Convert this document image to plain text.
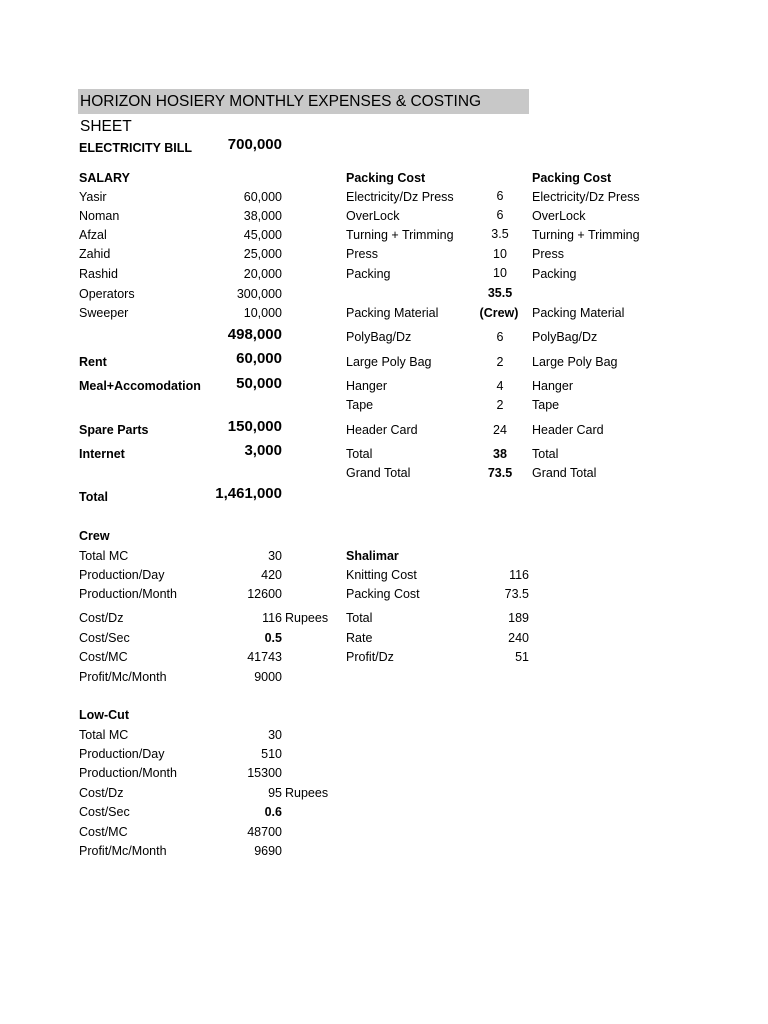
HORIZON HOSIERY MONTHLY EXPENSES & COSTING SHEET
ELECTRICITY BILL	700,000
SALARY
Yasir	60,000
Noman	38,000
Afzal	45,000
Zahid	25,000
Rashid	20,000
Operators	300,000
Sweeper	10,000
498,000
Rent	60,000
Meal+Accomodation	50,000
Spare Parts	150,000
Internet	3,000
Total	1,461,000
Packing Cost
Electricity/Dz Press	6
OverLock	6
Turning + Trimming	3.5
Press	10
Packing	10
35.5
Packing Material	(Crew)
PolyBag/Dz	6
Large Poly Bag	2
Hanger	4
Tape	2
Header Card	24
Total	38
Grand Total	73.5
Packing Cost
Electricity/Dz Press
OverLock
Turning + Trimming
Press
Packing
Packing Material
PolyBag/Dz
Large Poly Bag
Hanger
Tape
Header Card
Total
Grand Total
Crew
Total MC	30
Production/Day	420
Production/Month	12600
Cost/Dz	116 Rupees
Cost/Sec	0.5
Cost/MC	41743
Profit/Mc/Month	9000
Shalimar
Knitting Cost	116
Packing Cost	73.5
Total	189
Rate	240
Profit/Dz	51
Low-Cut
Total MC	30
Production/Day	510
Production/Month	15300
Cost/Dz	95 Rupees
Cost/Sec	0.6
Cost/MC	48700
Profit/Mc/Month	9690
